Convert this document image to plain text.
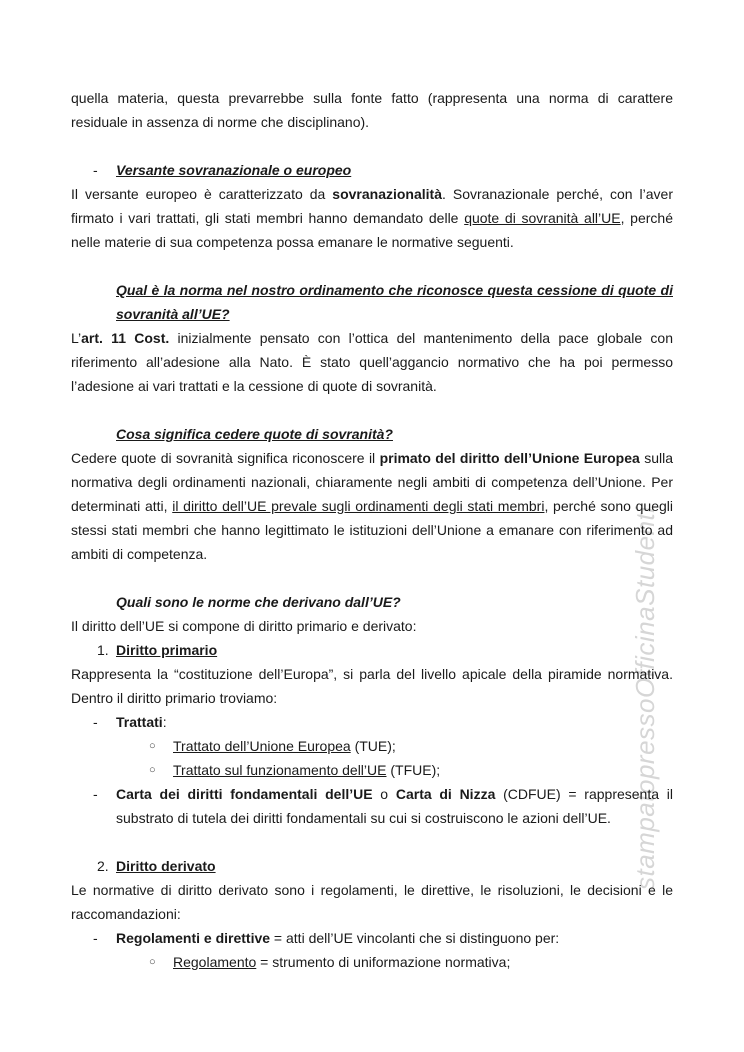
stampatopressoOfficinaStudenti

quella materia, questa prevarrebbe sulla fonte fatto (rappresenta una norma di carattere residuale in assenza di norme che disciplinano).

-	Versante sovranazionale o europeo

Il versante europeo è caratterizzato da sovranazionalità. Sovranazionale perché, con l’aver firmato i vari trattati, gli stati membri hanno demandato delle quote di sovranità all’UE, perché nelle materie di sua competenza possa emanare le normative seguenti.

Qual è la norma nel nostro ordinamento che riconosce questa cessione di quote di sovranità all’UE?

L’art. 11 Cost. inizialmente pensato con l’ottica del mantenimento della pace globale con riferimento all’adesione alla Nato. È stato quell’aggancio normativo che ha poi permesso l’adesione ai vari trattati e la cessione di quote di sovranità.

Cosa significa cedere quote di sovranità?

Cedere quote di sovranità significa riconoscere il primato del diritto dell’Unione Europea sulla normativa degli ordinamenti nazionali, chiaramente negli ambiti di competenza dell’Unione. Per determinati atti, il diritto dell’UE prevale sugli ordinamenti degli stati membri, perché sono quegli stessi stati membri che hanno legittimato le istituzioni dell’Unione a emanare con riferimento ad ambiti di competenza.

Quali sono le norme che derivano dall’UE?

Il diritto dell’UE si compone di diritto primario e derivato:

1. Diritto primario

Rappresenta la “costituzione dell’Europa”, si parla del livello apicale della piramide normativa. Dentro il diritto primario troviamo:

-	Trattati:
○	Trattato dell’Unione Europea (TUE);
○	Trattato sul funzionamento dell’UE (TFUE);
-	Carta dei diritti fondamentali dell’UE o Carta di Nizza (CDFUE) = rappresenta il substrato di tutela dei diritti fondamentali su cui si costruiscono le azioni dell’UE.
2. Diritto derivato

Le normative di diritto derivato sono i regolamenti, le direttive, le risoluzioni, le decisioni e le raccomandazioni:

-	Regolamenti e direttive = atti dell’UE vincolanti che si distinguono per:
○	Regolamento = strumento di uniformazione normativa;
